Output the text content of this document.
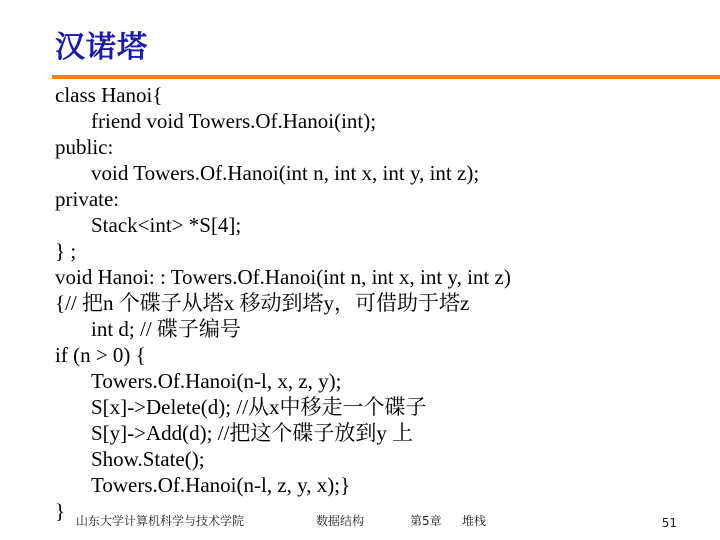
汉诺塔
class Hanoi{
friend void Towers.Of.Hanoi(int);
public:
void Towers.Of.Hanoi(int n, int x, int y, int z);
private:
Stack<int> *S[4];
} ;
void Hanoi: : Towers.Of.Hanoi(int n, int x, int y, int z)
{// 把n 个碟子从塔x 移动到塔y，可借助于塔z
int d; // 碟子编号
if (n > 0) {
Towers.Of.Hanoi(n-l, x, z, y);
S[x]->Delete(d); //从x中移走一个碟子
S[y]->Add(d); //把这个碟子放到y 上
Show.State();
Towers.Of.Hanoi(n-l, z, y, x);}
} 山东大学计算机科学与技术学院	数据结构	第5章 堆栈	51
